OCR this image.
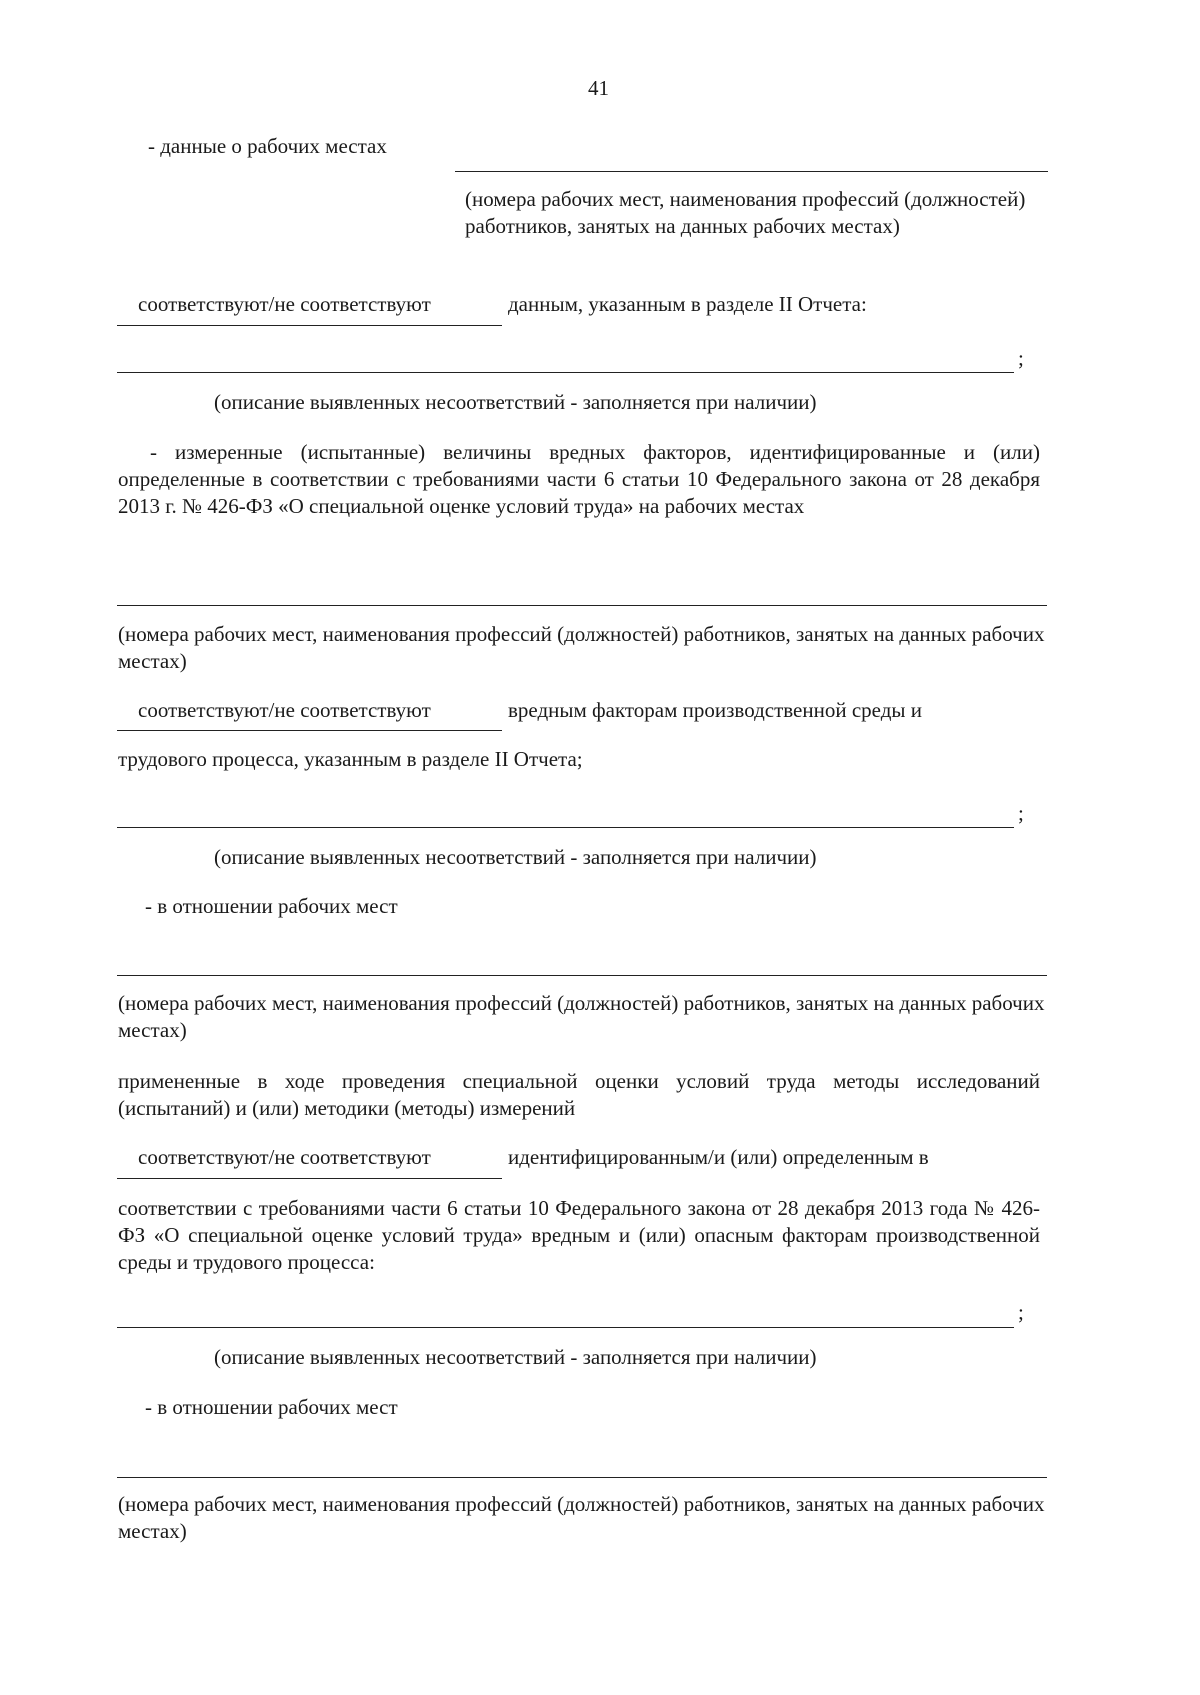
41
- данные о рабочих местах
(номера рабочих мест, наименования профессий (должностей) работников, занятых на данных рабочих местах)
соответствуют/не соответствуют	данным, указанным в разделе II Отчета:
;
(описание выявленных несоответствий - заполняется при наличии)
- измеренные (испытанные) величины вредных факторов, идентифицированные и (или) определенные в соответствии с требованиями части 6 статьи 10 Федерального закона от 28 декабря 2013 г. № 426-ФЗ «О специальной оценке условий труда» на рабочих местах
(номера рабочих мест, наименования профессий (должностей) работников, занятых на данных рабочих местах)
соответствуют/не соответствуют	вредным факторам производственной среды и
трудового процесса, указанным в разделе II Отчета;
;
(описание выявленных несоответствий - заполняется при наличии)
- в отношении рабочих мест
(номера рабочих мест, наименования профессий (должностей) работников, занятых на данных рабочих местах)
примененные в ходе проведения специальной оценки условий труда методы исследований (испытаний) и (или) методики (методы) измерений
соответствуют/не соответствуют	идентифицированным/и (или) определенным в
соответствии с требованиями части 6 статьи 10 Федерального закона от 28 декабря 2013 года № 426-ФЗ «О специальной оценке условий труда» вредным и (или) опасным факторам производственной среды и трудового процесса:
;
(описание выявленных несоответствий - заполняется при наличии)
- в отношении рабочих мест
(номера рабочих мест, наименования профессий (должностей) работников, занятых на данных рабочих местах)
